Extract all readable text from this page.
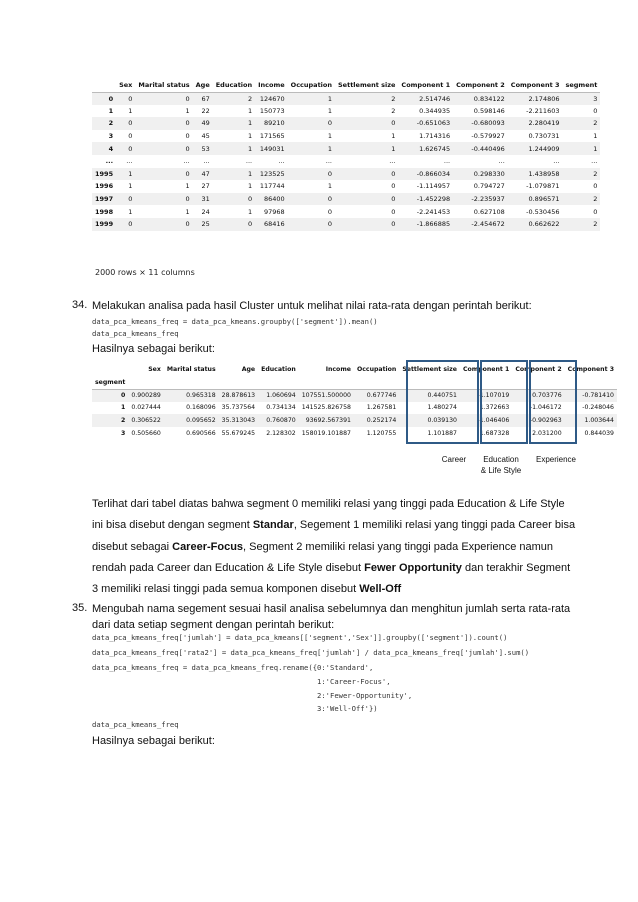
	Sex	Marital status	Age	Education	Income	Occupation	Settlement size	Component 1	Component 2	Component 3	segment
0	0	0	67	2	124670	1	2	2.514746	0.834122	2.174806	3
1	1	1	22	1	150773	1	2	0.344935	0.598146	-2.211603	0
2	0	0	49	1	89210	0	0	-0.651063	-0.680093	2.280419	2
3	0	0	45	1	171565	1	1	1.714316	-0.579927	0.730731	1
4	0	0	53	1	149031	1	1	1.626745	-0.440496	1.244909	1
...	...	...	...	...	...	...	...	...	...	...	...
1995	1	0	47	1	123525	0	0	-0.866034	0.298330	1.438958	2
1996	1	1	27	1	117744	1	0	-1.114957	0.794727	-1.079871	0
1997	0	0	31	0	86400	0	0	-1.452298	-2.235937	0.896571	2
1998	1	1	24	1	97968	0	0	-2.241453	0.627108	-0.530456	0
1999	0	0	25	0	68416	0	0	-1.866885	-2.454672	0.662622	2
2000 rows × 11 columns
34. Melakukan analisa pada hasil Cluster untuk melihat nilai rata-rata dengan perintah berikut:
data_pca_kmeans_freq = data_pca_kmeans.groupby(['segment']).mean()
data_pca_kmeans_freq
Hasilnya sebagai berikut:
	Sex	Marital status	Age	Education	Income	Occupation	Settlement size	Component 1	Component 2	Component 3
segment										
0	0.900289	0.965318	28.878613	1.060694	107551.500000	0.677746	0.440751	-1.107019	0.703776	-0.781410
1	0.027444	0.168096	35.737564	0.734134	141525.826758	1.267581	1.480274	1.372663	-1.046172	-0.248046
2	0.306522	0.095652	35.313043	0.760870	93692.567391	0.252174	0.039130	-1.046406	-0.902963	1.003644
3	0.505660	0.690566	55.679245	2.128302	158019.101887	1.120755	1.101887	1.687328	2.031200	0.844039
Career	Education
& Life Style
Experience
Terlihat dari tabel diatas bahwa segment 0 memiliki relasi yang tinggi pada Education & Life Style
ini bisa disebut dengan segment Standar, Segement 1 memiliki relasi yang tinggi pada Career bisa
disebut sebagai Career-Focus, Segment 2 memiliki relasi yang tinggi pada Experience namun
rendah pada Career dan Education & Life Style disebut Fewer Opportunity dan terakhir Segment
3 memiliki relasi tinggi pada semua komponen disebut Well-Off
35. Mengubah nama segement sesuai hasil analisa sebelumnya dan menghitun jumlah serta rata-rata
dari data setiap segment dengan perintah berikut:
data_pca_kmeans_freq['jumlah'] = data_pca_kmeans[['segment','Sex']].groupby(['segment']).count()
data_pca_kmeans_freq['rata2'] = data_pca_kmeans_freq['jumlah'] / data_pca_kmeans_freq['jumlah'].sum()
data_pca_kmeans_freq = data_pca_kmeans_freq.rename({0:'Standard',
1:'Career-Focus',
2:'Fewer-Opportunity',
3:'Well-Off'})
data_pca_kmeans_freq
Hasilnya sebagai berikut:
